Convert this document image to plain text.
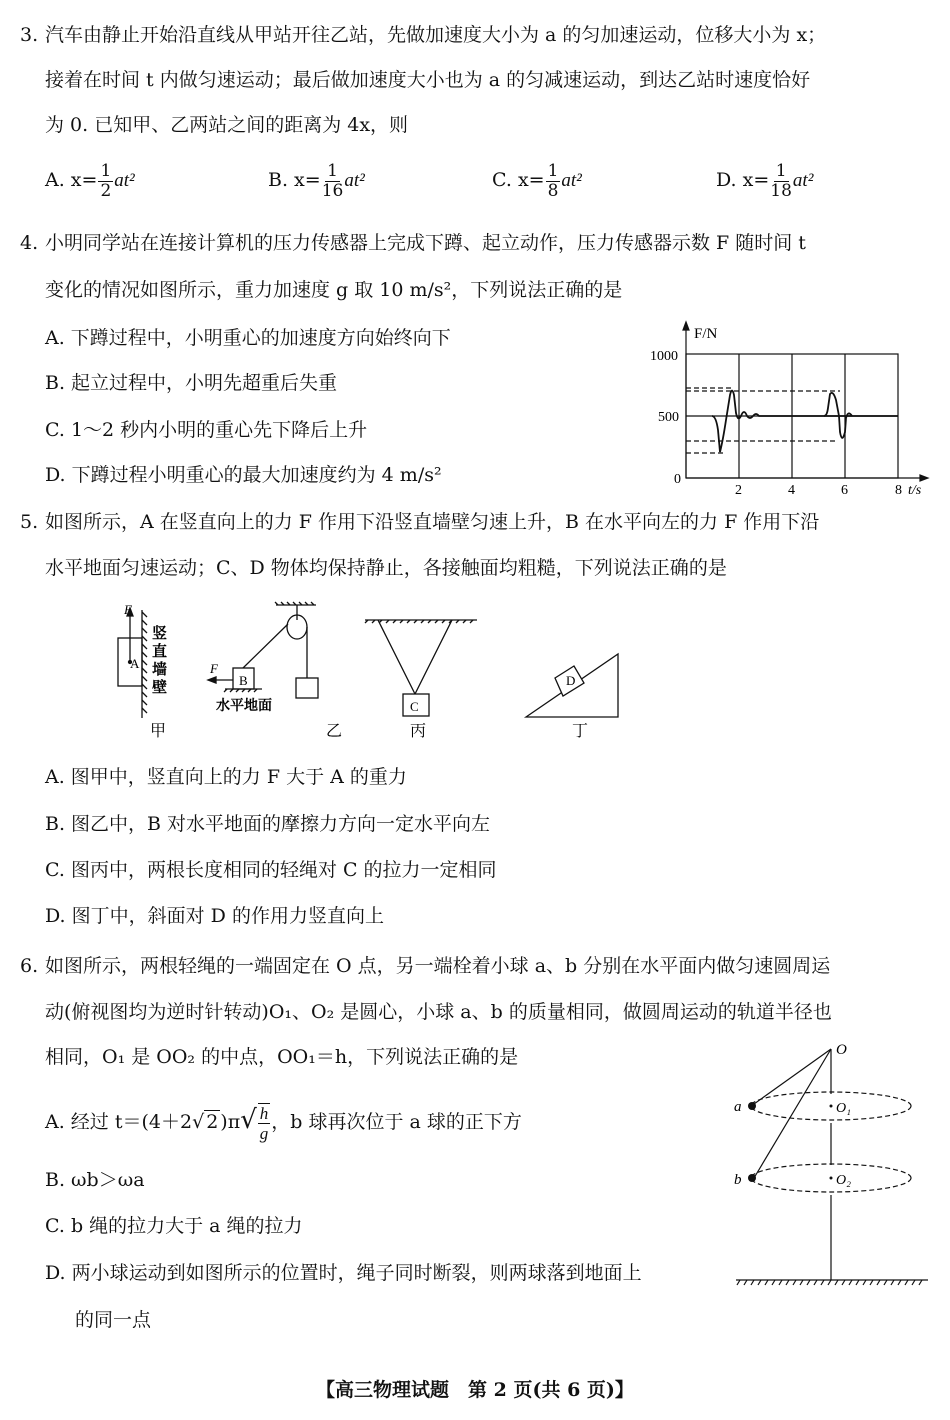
3. 汽车由静止开始沿直线从甲站开往乙站，先做加速度大小为 a 的匀加速运动，位移大小为 x；
接着在时间 t 内做匀速运动；最后做加速度大小也为 a 的匀减速运动，到达乙站时速度恰好
为 0. 已知甲、乙两站之间的距离为 4x，则
A. $x= \frac{1}{2} at^2$	B. $x= \frac{1}{16} at^2$	C. $x= \frac{1}{8} at^2$	D. $x= \frac{1}{18} at^2$
4. 小明同学站在连接计算机的压力传感器上完成下蹲、起立动作，压力传感器示数 F 随时间 t
变化的情况如图所示，重力加速度 g 取 10 m/s²，下列说法正确的是
A. 下蹲过程中，小明重心的加速度方向始终向下
B. 起立过程中，小明先超重后失重
C. 1～2 秒内小明的重心先下降后上升
D. 下蹲过程小明重心的最大加速度约为 4 m/s²
F/N
1000
500
0
2	4	6	8 t/s
5. 如图所示，A 在竖直向上的力 F 作用下沿竖直墙壁匀速上升，B 在水平向左的力 F 作用下沿
水平地面匀速运动；C、D 物体均保持静止，各接触面均粗糙，下列说法正确的是
F
A
竖
直
墙
壁
甲
F
B
水平地面
乙
C
丙
D
丁
A. 图甲中，竖直向上的力 F 大于 A 的重力
B. 图乙中，B 对水平地面的摩擦力方向一定水平向左
C. 图丙中，两根长度相同的轻绳对 C 的拉力一定相同
D. 图丁中，斜面对 D 的作用力竖直向上
6. 如图所示，两根轻绳的一端固定在 O 点，另一端栓着小球 a、b 分别在水平面内做匀速圆周运
动(俯视图均为逆时针转动)O₁、O₂ 是圆心，小球 a、b 的质量相同，做圆周运动的轨道半径也
相同，O₁ 是 OO₂ 的中点，OO₁＝h，下列说法正确的是
A. 经过 t＝(4＋2√ 2 )$\pi√ \frac{h}{g}$ ，b 球再次位于 a 球的正下方
B. ωb＞ωa
C. b 绳的拉力大于 a 绳的拉力
D. 两小球运动到如图所示的位置时，绳子同时断裂，则两球落到地面上
的同一点
O
a
b
O₁
O₂
【高三物理试题　第 2 页(共 6 页)】
